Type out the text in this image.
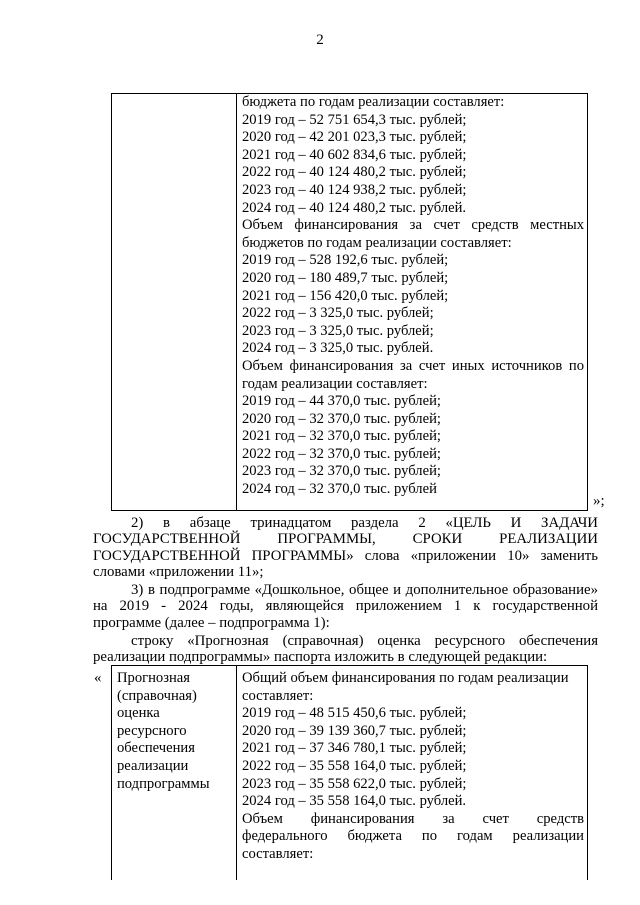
2
бюджета по годам реализации составляет:
2019 год – 52 751 654,3 тыс. рублей;
2020 год – 42 201 023,3 тыс. рублей;
2021 год – 40 602 834,6 тыс. рублей;
2022 год – 40 124 480,2 тыс. рублей;
2023 год – 40 124 938,2 тыс. рублей;
2024 год – 40 124 480,2 тыс. рублей.
Объем финансирования за счет средств местных
бюджетов по годам реализации составляет:
2019 год – 528 192,6 тыс. рублей;
2020 год – 180 489,7 тыс. рублей;
2021 год – 156 420,0 тыс. рублей;
2022 год – 3 325,0 тыс. рублей;
2023 год – 3 325,0 тыс. рублей;
2024 год – 3 325,0 тыс. рублей.
Объем финансирования за счет иных источников по
годам реализации составляет:
2019 год – 44 370,0 тыс. рублей;
2020 год – 32 370,0 тыс. рублей;
2021 год – 32 370,0 тыс. рублей;
2022 год – 32 370,0 тыс. рублей;
2023 год – 32 370,0 тыс. рублей;
2024 год – 32 370,0 тыс. рублей
»;
2) в абзаце тринадцатом раздела 2 «ЦЕЛЬ И ЗАДАЧИ
ГОСУДАРСТВЕННОЙ ПРОГРАММЫ, СРОКИ РЕАЛИЗАЦИИ
ГОСУДАРСТВЕННОЙ ПРОГРАММЫ» слова «приложении 10» заменить
словами «приложении 11»;
3) в подпрограмме «Дошкольное, общее и дополнительное образование»
на 2019 - 2024 годы, являющейся приложением 1 к государственной
программе (далее – подпрограмма 1):
строку «Прогнозная (справочная) оценка ресурсного обеспечения
реализации подпрограммы» паспорта изложить в следующей редакции:
« Прогнозная
(справочная)
оценка
ресурсного
обеспечения
реализации
подпрограммы
Общий объем финансирования по годам реализации
составляет:
2019 год – 48 515 450,6 тыс. рублей;
2020 год – 39 139 360,7 тыс. рублей;
2021 год – 37 346 780,1 тыс. рублей;
2022 год – 35 558 164,0 тыс. рублей;
2023 год – 35 558 622,0 тыс. рублей;
2024 год – 35 558 164,0 тыс. рублей.
Объем финансирования за счет средств
федерального бюджета по годам реализации
составляет:
